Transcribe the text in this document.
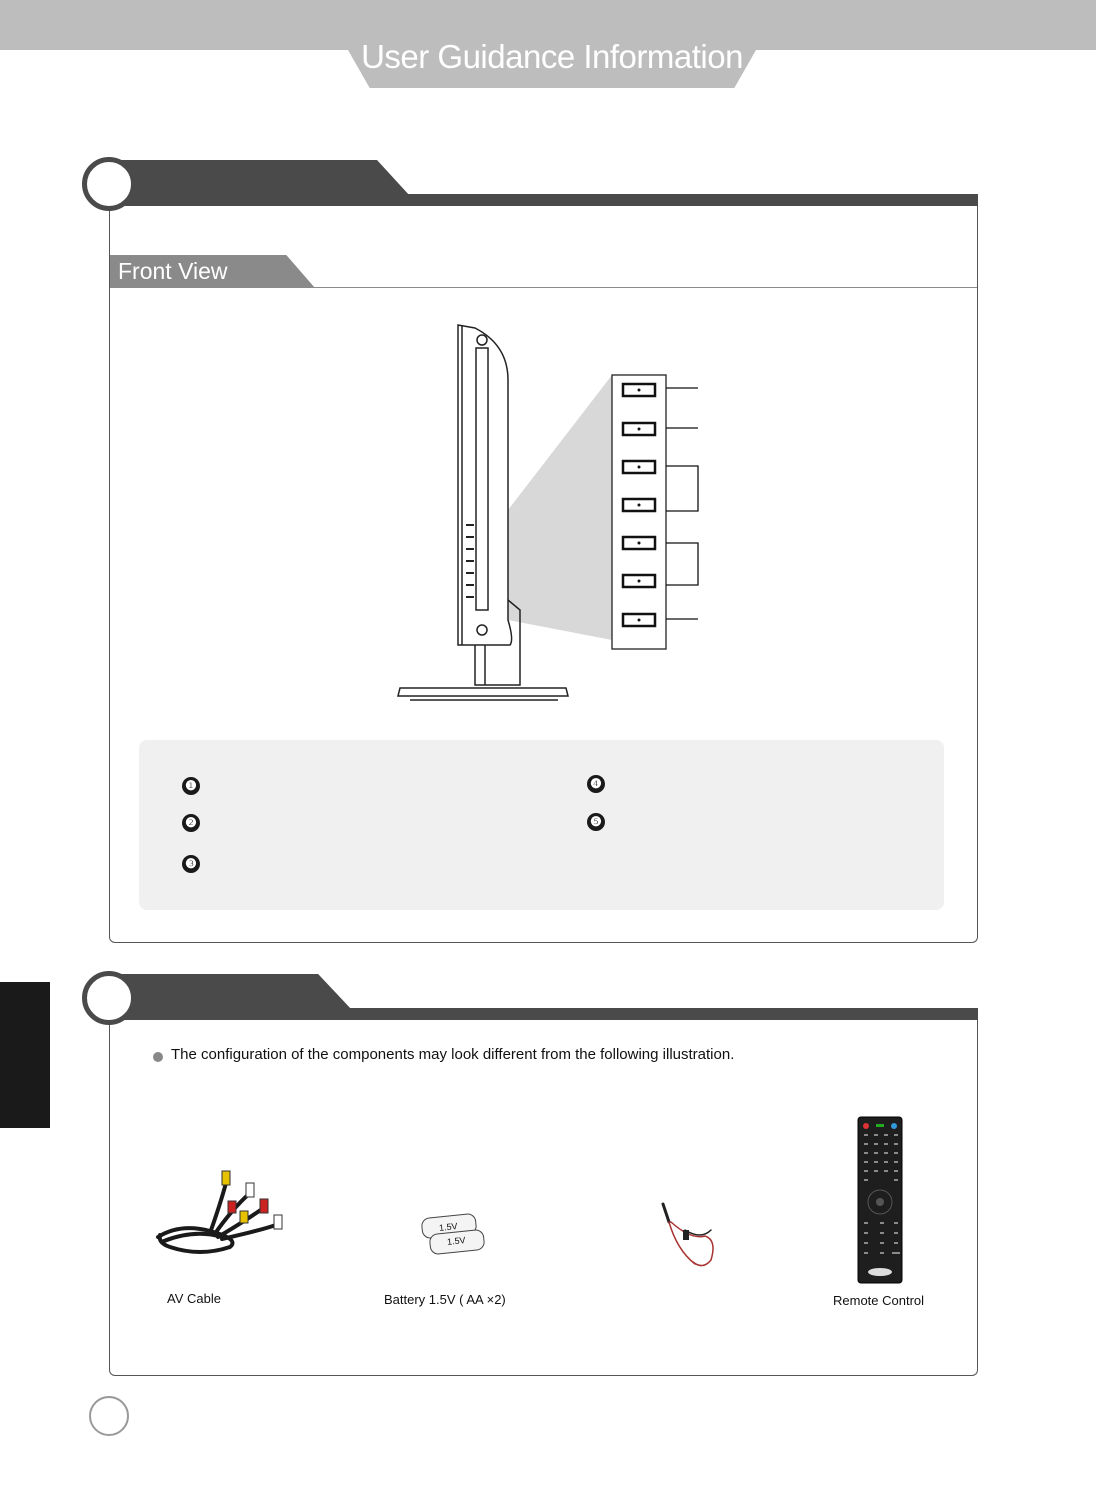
User Guidance Information
Front View
❶
❷
❸
❹
❺
The configuration of the components may look different from the following illustration.
AV Cable
1.5V
1.5V
Battery 1.5V ( AA ×2)	Remote Control
